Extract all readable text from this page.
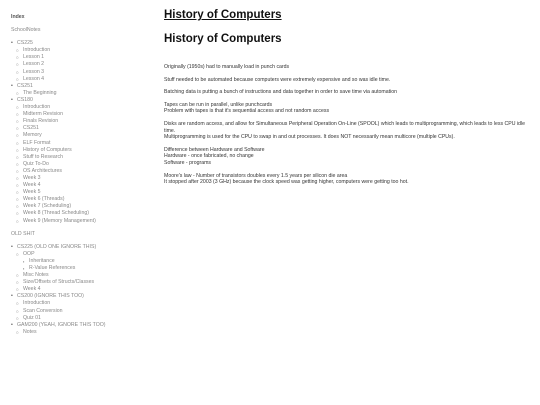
Index
SchoolNotes
• CS225
○ Introduction
○ Lesson 1
○ Lesson 2
○ Lesson 3
○ Lesson 4
• CS251
○ The Beginning
• CS180
○ Introduction
○ Midterm Revision
○ Finals Revision
○ CS251
○ Memory
○ ELF Format
○ History of Computers
○ Stuff to Research
○ Quiz To-Do
○ OS Architectures
○ Week 3
○ Week 4
○ Week 5
○ Week 6 (Threads)
○ Week 7 (Scheduling)
○ Week 8 (Thread Scheduling)
○ Week 9 (Memory Management)
OLD SHIT
• CS225 (OLD ONE IGNORE THIS)
○ OOP
▪ Inheritance
▪ R-Value References
○ Misc Notes
○ Size/Offsets of Structs/Classes
○ Week 4
• CS200 (IGNORE THIS TOO)
○ Introduction
○ Scan Conversion
○ Quiz 01
• GAM200 (YEAH, IGNORE THIS TOO)
○ Notes
History of Computers
History of Computers

Originally (1950s) had to manually load in punch cards

Stuff needed to be automated because computers were extremely expensive and so was idle time.

Batching data is putting a bunch of instructions and data together in order to save time via automation

Tapes can be run in parallel, unlike punchcards
Problem with tapes is that it's sequential access and not random access

Disks are random access, and allow for Simultaneous Peripheral Operation On-Line (SPOOL) which leads to multiprogramming, which leads to less CPU idle time.
Multiprogramming is used for the CPU to swap in and out processes. It does NOT necessarily mean multicore (multiple CPUs).

Difference between Hardware and Software
Hardware - once fabricated, no change
Software - programs

Moore's law - Number of transistors doubles every 1.5 years per silicon die area
It stopped after 2003 (3 GHz) because the clock speed was getting higher, computers were getting too hot.
